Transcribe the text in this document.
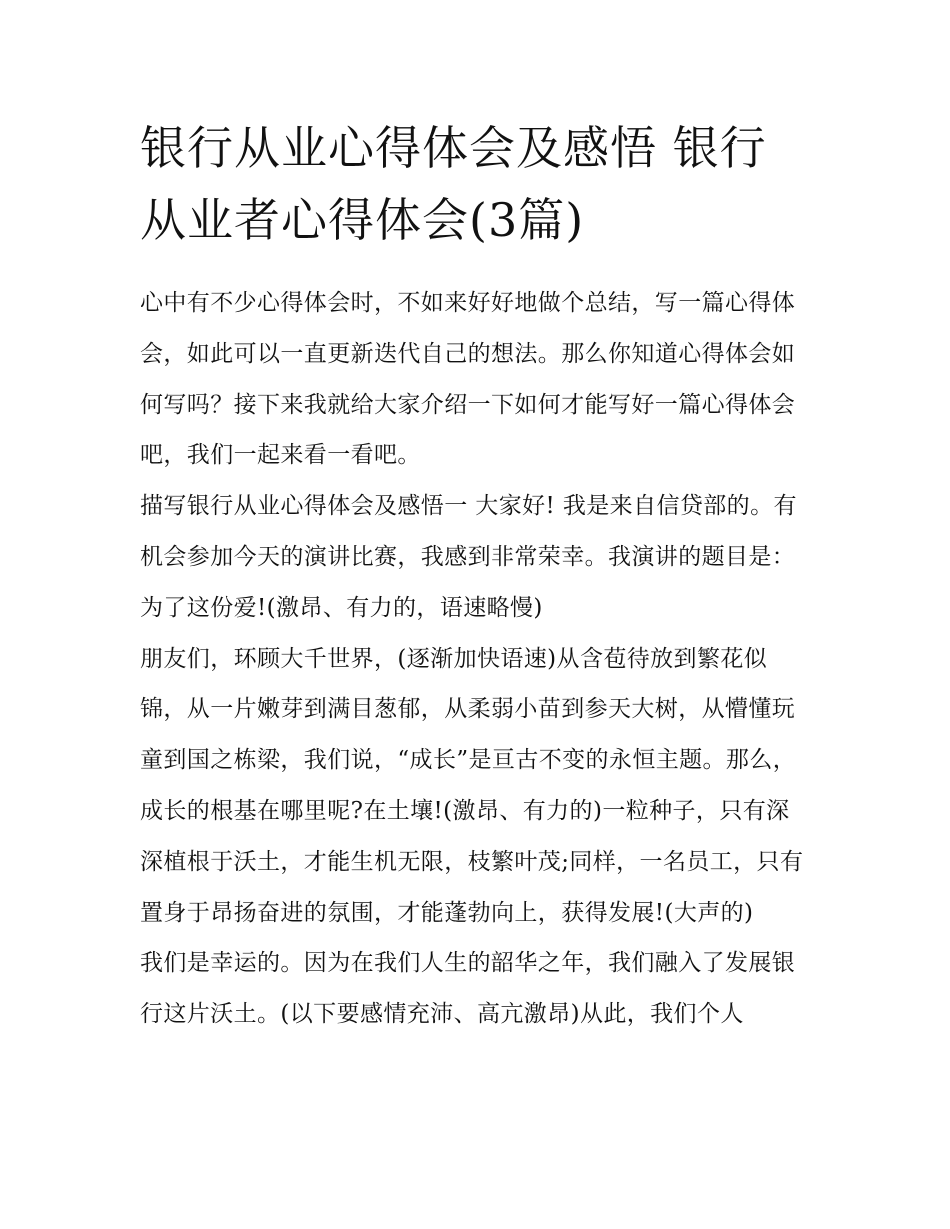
银行从业心得体会及感悟 银行从业者心得体会(3篇)

心中有不少心得体会时，不如来好好地做个总结，写一篇心得体会，如此可以一直更新迭代自己的想法。那么你知道心得体会如何写吗？接下来我就给大家介绍一下如何才能写好一篇心得体会吧，我们一起来看一看吧。

描写银行从业心得体会及感悟一 大家好! 我是来自信贷部的。有机会参加今天的演讲比赛，我感到非常荣幸。我演讲的题目是：为了这份爱!(激昂、有力的，语速略慢)

朋友们，环顾大千世界，(逐渐加快语速)从含苞待放到繁花似锦，从一片嫩芽到满目葱郁，从柔弱小苗到参天大树，从懵懂玩童到国之栋梁，我们说，“成长”是亘古不变的永恒主题。那么，成长的根基在哪里呢?在土壤!(激昂、有力的)一粒种子，只有深深植根于沃土，才能生机无限，枝繁叶茂;同样，一名员工，只有置身于昂扬奋进的氛围，才能蓬勃向上，获得发展!(大声的)

我们是幸运的。因为在我们人生的韶华之年，我们融入了发展银行这片沃土。(以下要感情充沛、高亢激昂)从此，我们个人
